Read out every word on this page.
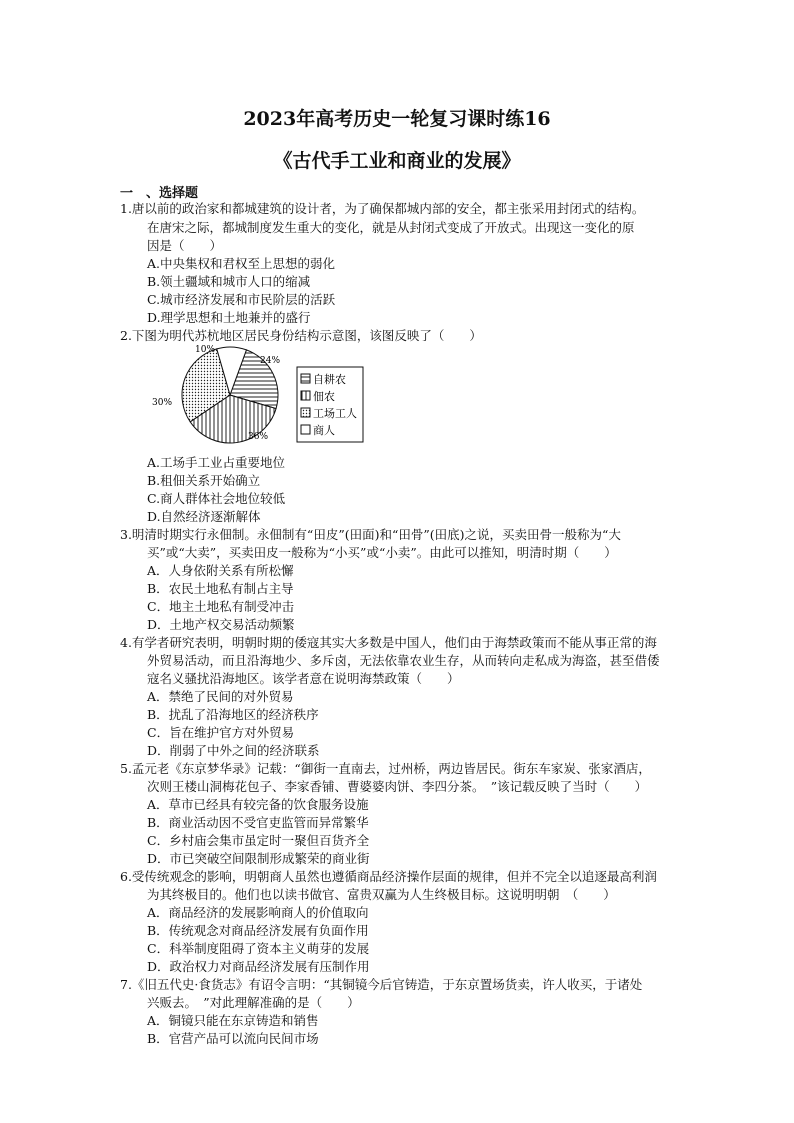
2023年高考历史一轮复习课时练16
《古代手工业和商业的发展》
一　、选择题
1.唐以前的政治家和都城建筑的设计者，为了确保都城内部的安全，都主张采用封闭式的结构。
在唐宋之际，都城制度发生重大的变化，就是从封闭式变成了开放式。出现这一变化的原
因是（　　）
A.中央集权和君权至上思想的弱化
B.领土疆域和城市人口的缩减
C.城市经济发展和市民阶层的活跃
D.理学思想和土地兼并的盛行
2.下图为明代苏杭地区居民身份结构示意图，该图反映了（　　）
24%
36%
30%
10%
自耕农
佃农
工场工人
商人
A.工场手工业占重要地位
B.租佃关系开始确立
C.商人群体社会地位较低
D.自然经济逐渐解体
3.明清时期实行永佃制。永佃制有“田皮”(田面)和“田骨”(田底)之说，买卖田骨一般称为“大
买”或“大卖”，买卖田皮一般称为“小买”或“小卖”。由此可以推知，明清时期（　　）
A．人身依附关系有所松懈
B．农民土地私有制占主导
C．地主土地私有制受冲击
D．土地产权交易活动频繁
4.有学者研究表明，明朝时期的倭寇其实大多数是中国人，他们由于海禁政策而不能从事正常的海
外贸易活动，而且沿海地少、多斥卤，无法依靠农业生存，从而转向走私成为海盗，甚至借倭
寇名义骚扰沿海地区。该学者意在说明海禁政策（　　）
A．禁绝了民间的对外贸易
B．扰乱了沿海地区的经济秩序
C．旨在维护官方对外贸易
D．削弱了中外之间的经济联系
5.孟元老《东京梦华录》记载：“御街一直南去，过州桥，两边皆居民。街东车家炭、张家酒店，
次则王楼山洞梅花包子、李家香铺、曹婆婆肉饼、李四分茶。　”该记载反映了当时（　　）
A．草市已经具有较完备的饮食服务设施
B．商业活动因不受官吏监管而异常繁华
C．乡村庙会集市虽定时一聚但百货齐全
D．市已突破空间限制形成繁荣的商业街
6.受传统观念的影响，明朝商人虽然也遵循商品经济操作层面的规律，但并不完全以追逐最高利润
为其终极目的。他们也以读书做官、富贵双赢为人生终极目标。这说明明朝　（　　）
A．商品经济的发展影响商人的价值取向
B．传统观念对商品经济发展有负面作用
C．科举制度阻碍了资本主义萌芽的发展
D．政治权力对商品经济发展有压制作用
7.《旧五代史·食货志》有诏令言明：“其铜镜今后官铸造，于东京置场货卖，许人收买，于诸处
兴贩去。　”对此理解准确的是（　　）
A．铜镜只能在东京铸造和销售
B．官营产品可以流向民间市场
